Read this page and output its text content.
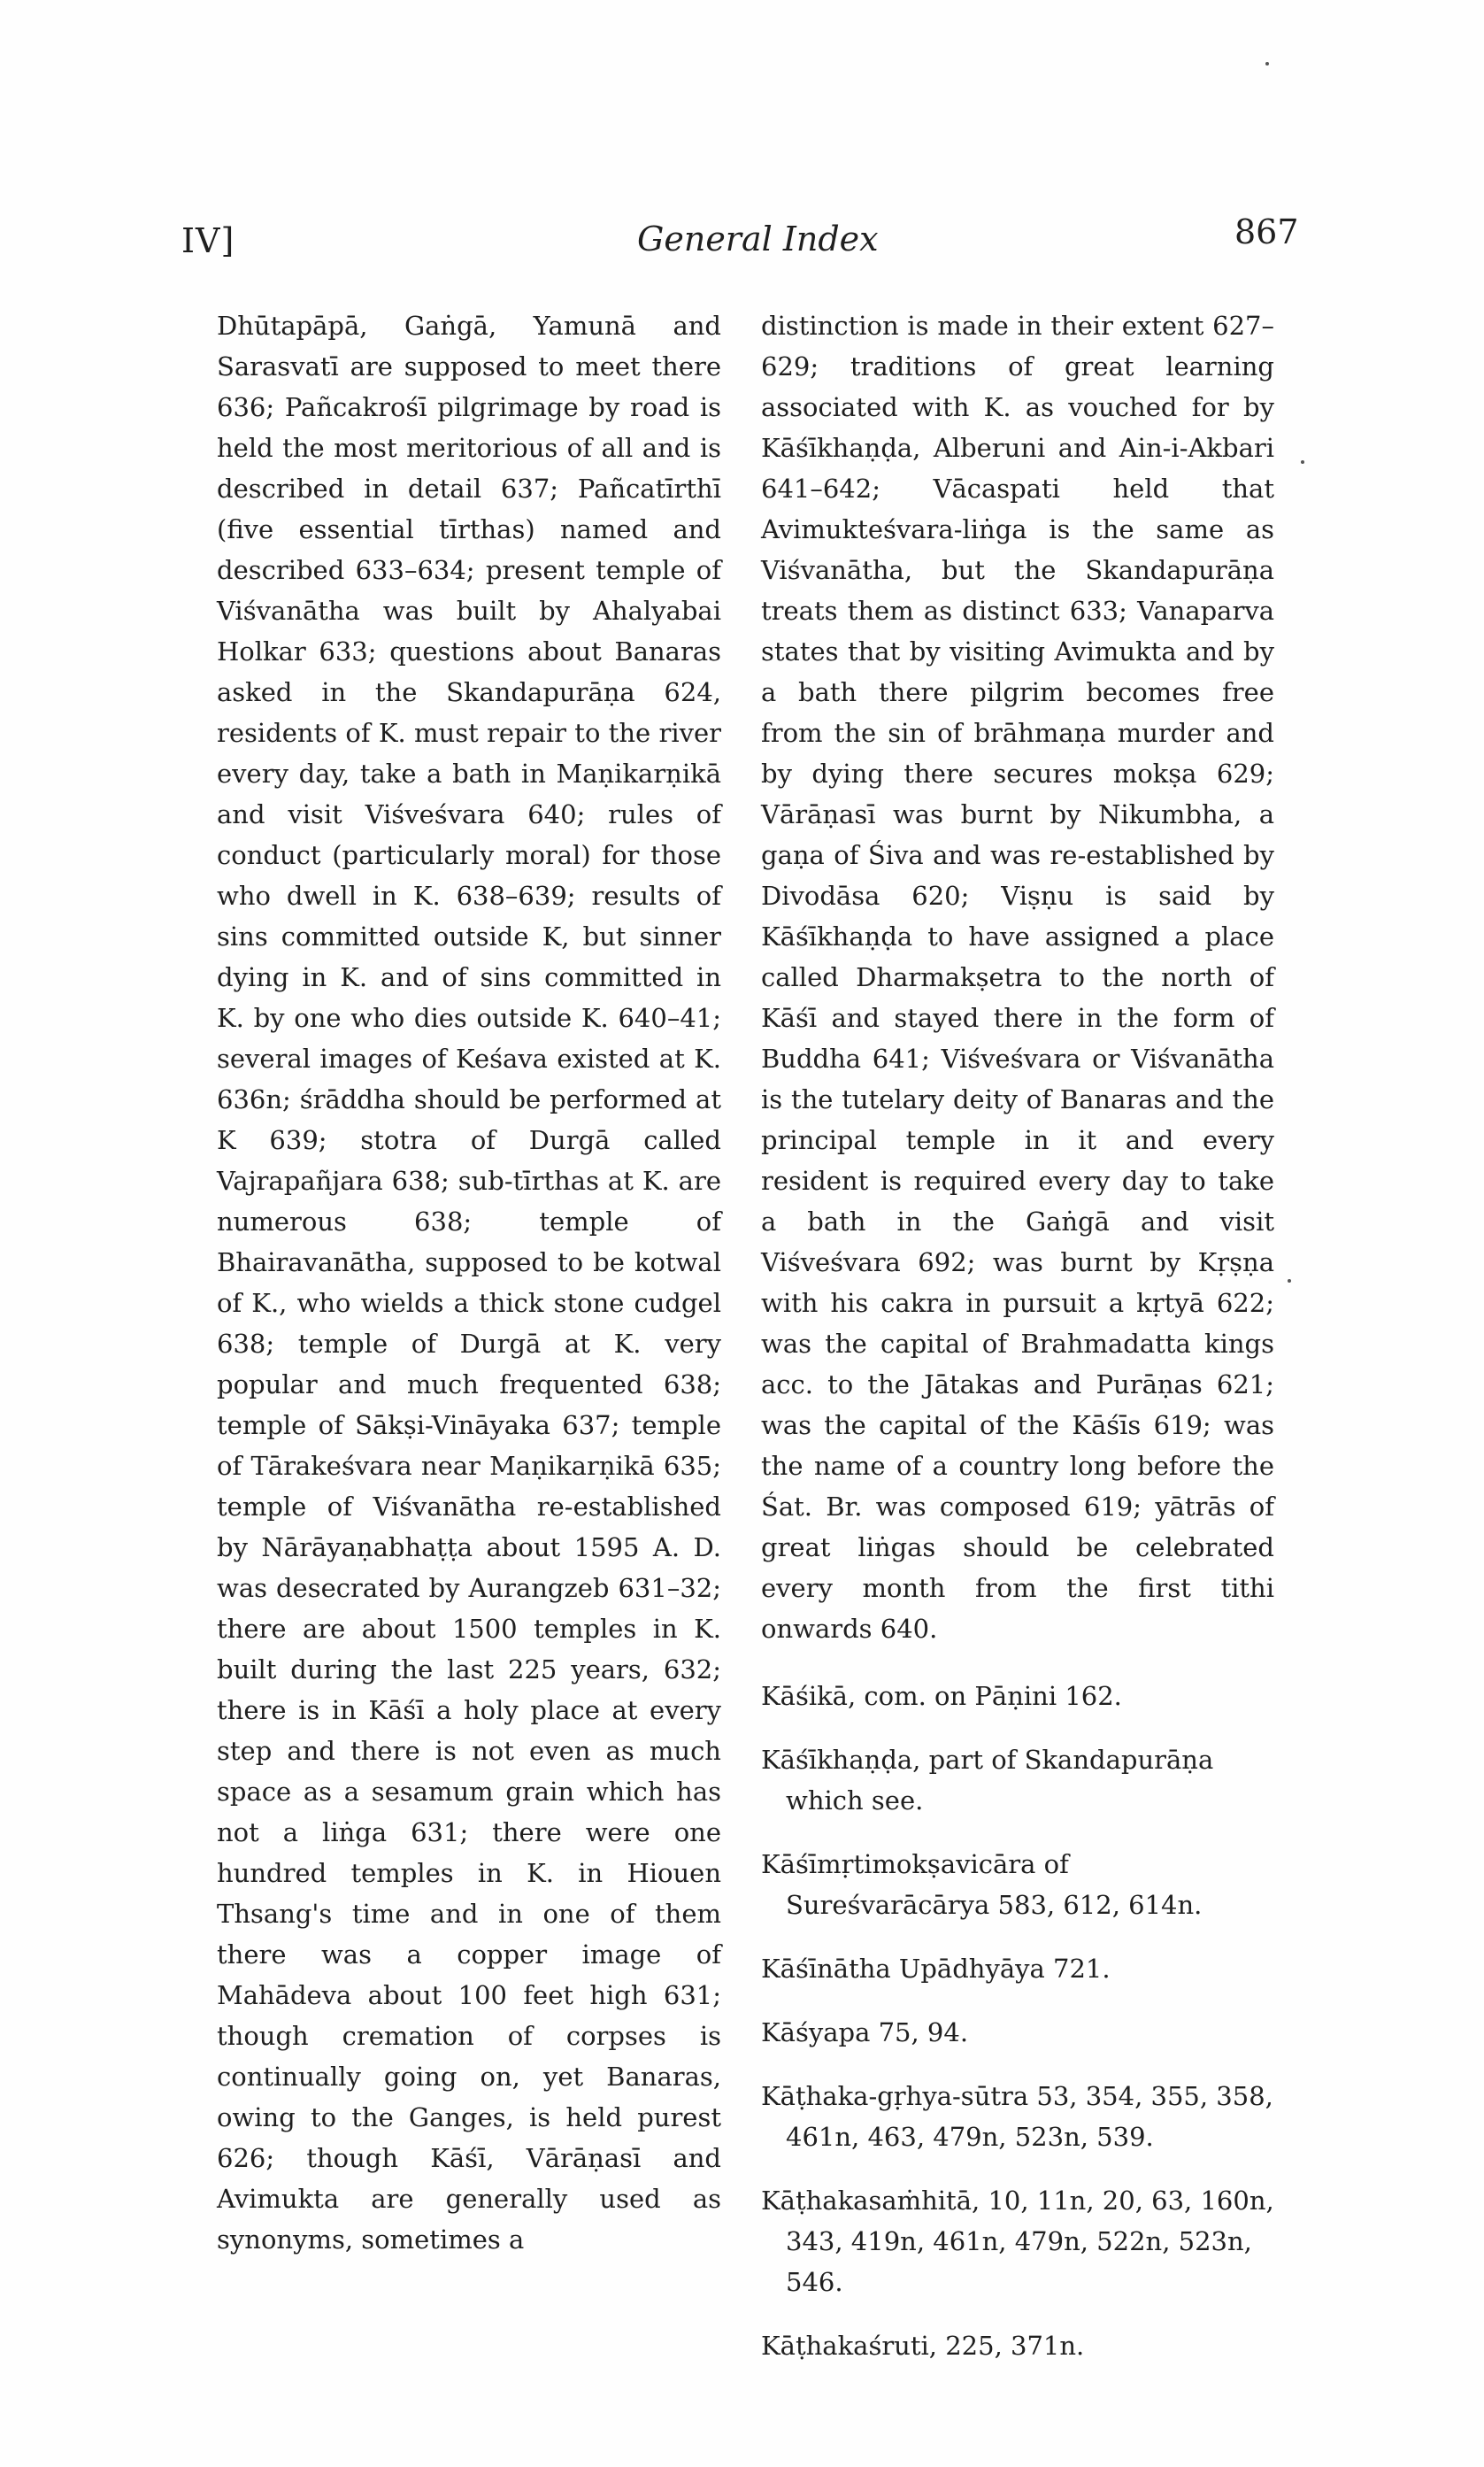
IV]	General Index	867

Dhūtapāpā, Gaṅgā, Yamunā and Sarasvatī are supposed to meet there 636; Pañcakrośī pilgrimage by road is held the most meritorious of all and is described in detail 637; Pañcatīrthī (five essential tīrthas) named and described 633–634; present temple of Viśvanātha was built by Ahalyabai Holkar 633; questions about Banaras asked in the Skandapurāṇa 624, residents of K. must repair to the river every day, take a bath in Maṇikarṇikā and visit Viśveśvara 640; rules of conduct (particularly moral) for those who dwell in K. 638–639; results of sins committed outside K, but sinner dying in K. and of sins committed in K. by one who dies outside K. 640–41; several images of Keśava existed at K. 636n; śrāddha should be performed at K 639; stotra of Durgā called Vajrapañjara 638; sub-tīrthas at K. are numerous 638; temple of Bhairavanātha, supposed to be kotwal of K., who wields a thick stone cudgel 638; temple of Durgā at K. very popular and much frequented 638; temple of Sākṣi-Vināyaka 637; temple of Tārakeśvara near Maṇikarṇikā 635; temple of Viśvanātha re-established by Nārāyaṇabhaṭṭa about 1595 A. D. was desecrated by Aurangzeb 631–32; there are about 1500 temples in K. built during the last 225 years, 632; there is in Kāśī a holy place at every step and there is not even as much space as a sesamum grain which has not a liṅga 631; there were one hundred temples in K. in Hiouen Thsang's time and in one of them there was a copper image of Mahādeva about 100 feet high 631; though cremation of corpses is continually going on, yet Banaras, owing to the Ganges, is held purest 626; though Kāśī, Vārāṇasī and Avimukta are generally used as synonyms, sometimes a

distinction is made in their extent 627–629; traditions of great learning associated with K. as vouched for by Kāśīkhaṇḍa, Alberuni and Ain-i-Akbari 641–642; Vācaspati held that Avimukteśvara-liṅga is the same as Viśvanātha, but the Skandapurāṇa treats them as distinct 633; Vanaparva states that by visiting Avimukta and by a bath there pilgrim becomes free from the sin of brāhmaṇa murder and by dying there secures mokṣa 629; Vārāṇasī was burnt by Nikumbha, a gaṇa of Śiva and was re-established by Divodāsa 620; Viṣṇu is said by Kāśīkhaṇḍa to have assigned a place called Dharmakṣetra to the north of Kāśī and stayed there in the form of Buddha 641; Viśveśvara or Viśvanātha is the tutelary deity of Banaras and the principal temple in it and every resident is required every day to take a bath in the Gaṅgā and visit Viśveśvara 692; was burnt by Kṛṣṇa with his cakra in pursuit a kṛtyā 622; was the capital of Brahmadatta kings acc. to the Jātakas and Purāṇas 621; was the capital of the Kāśīs 619; was the name of a country long before the Śat. Br. was composed 619; yātrās of great liṅgas should be celebrated every month from the first tithi onwards 640.

Kāśikā, com. on Pāṇini 162.

Kāśīkhaṇḍa, part of Skandapurāṇa which see.

Kāśīmṛtimokṣavicāra of Sureśvarācārya 583, 612, 614n.

Kāśīnātha Upādhyāya 721.

Kāśyapa 75, 94.

Kāṭhaka-gṛhya-sūtra 53, 354, 355, 358, 461n, 463, 479n, 523n, 539.

Kāṭhakasaṁhitā, 10, 11n, 20, 63, 160n, 343, 419n, 461n, 479n, 522n, 523n, 546.

Kāṭhakaśruti, 225, 371n.
